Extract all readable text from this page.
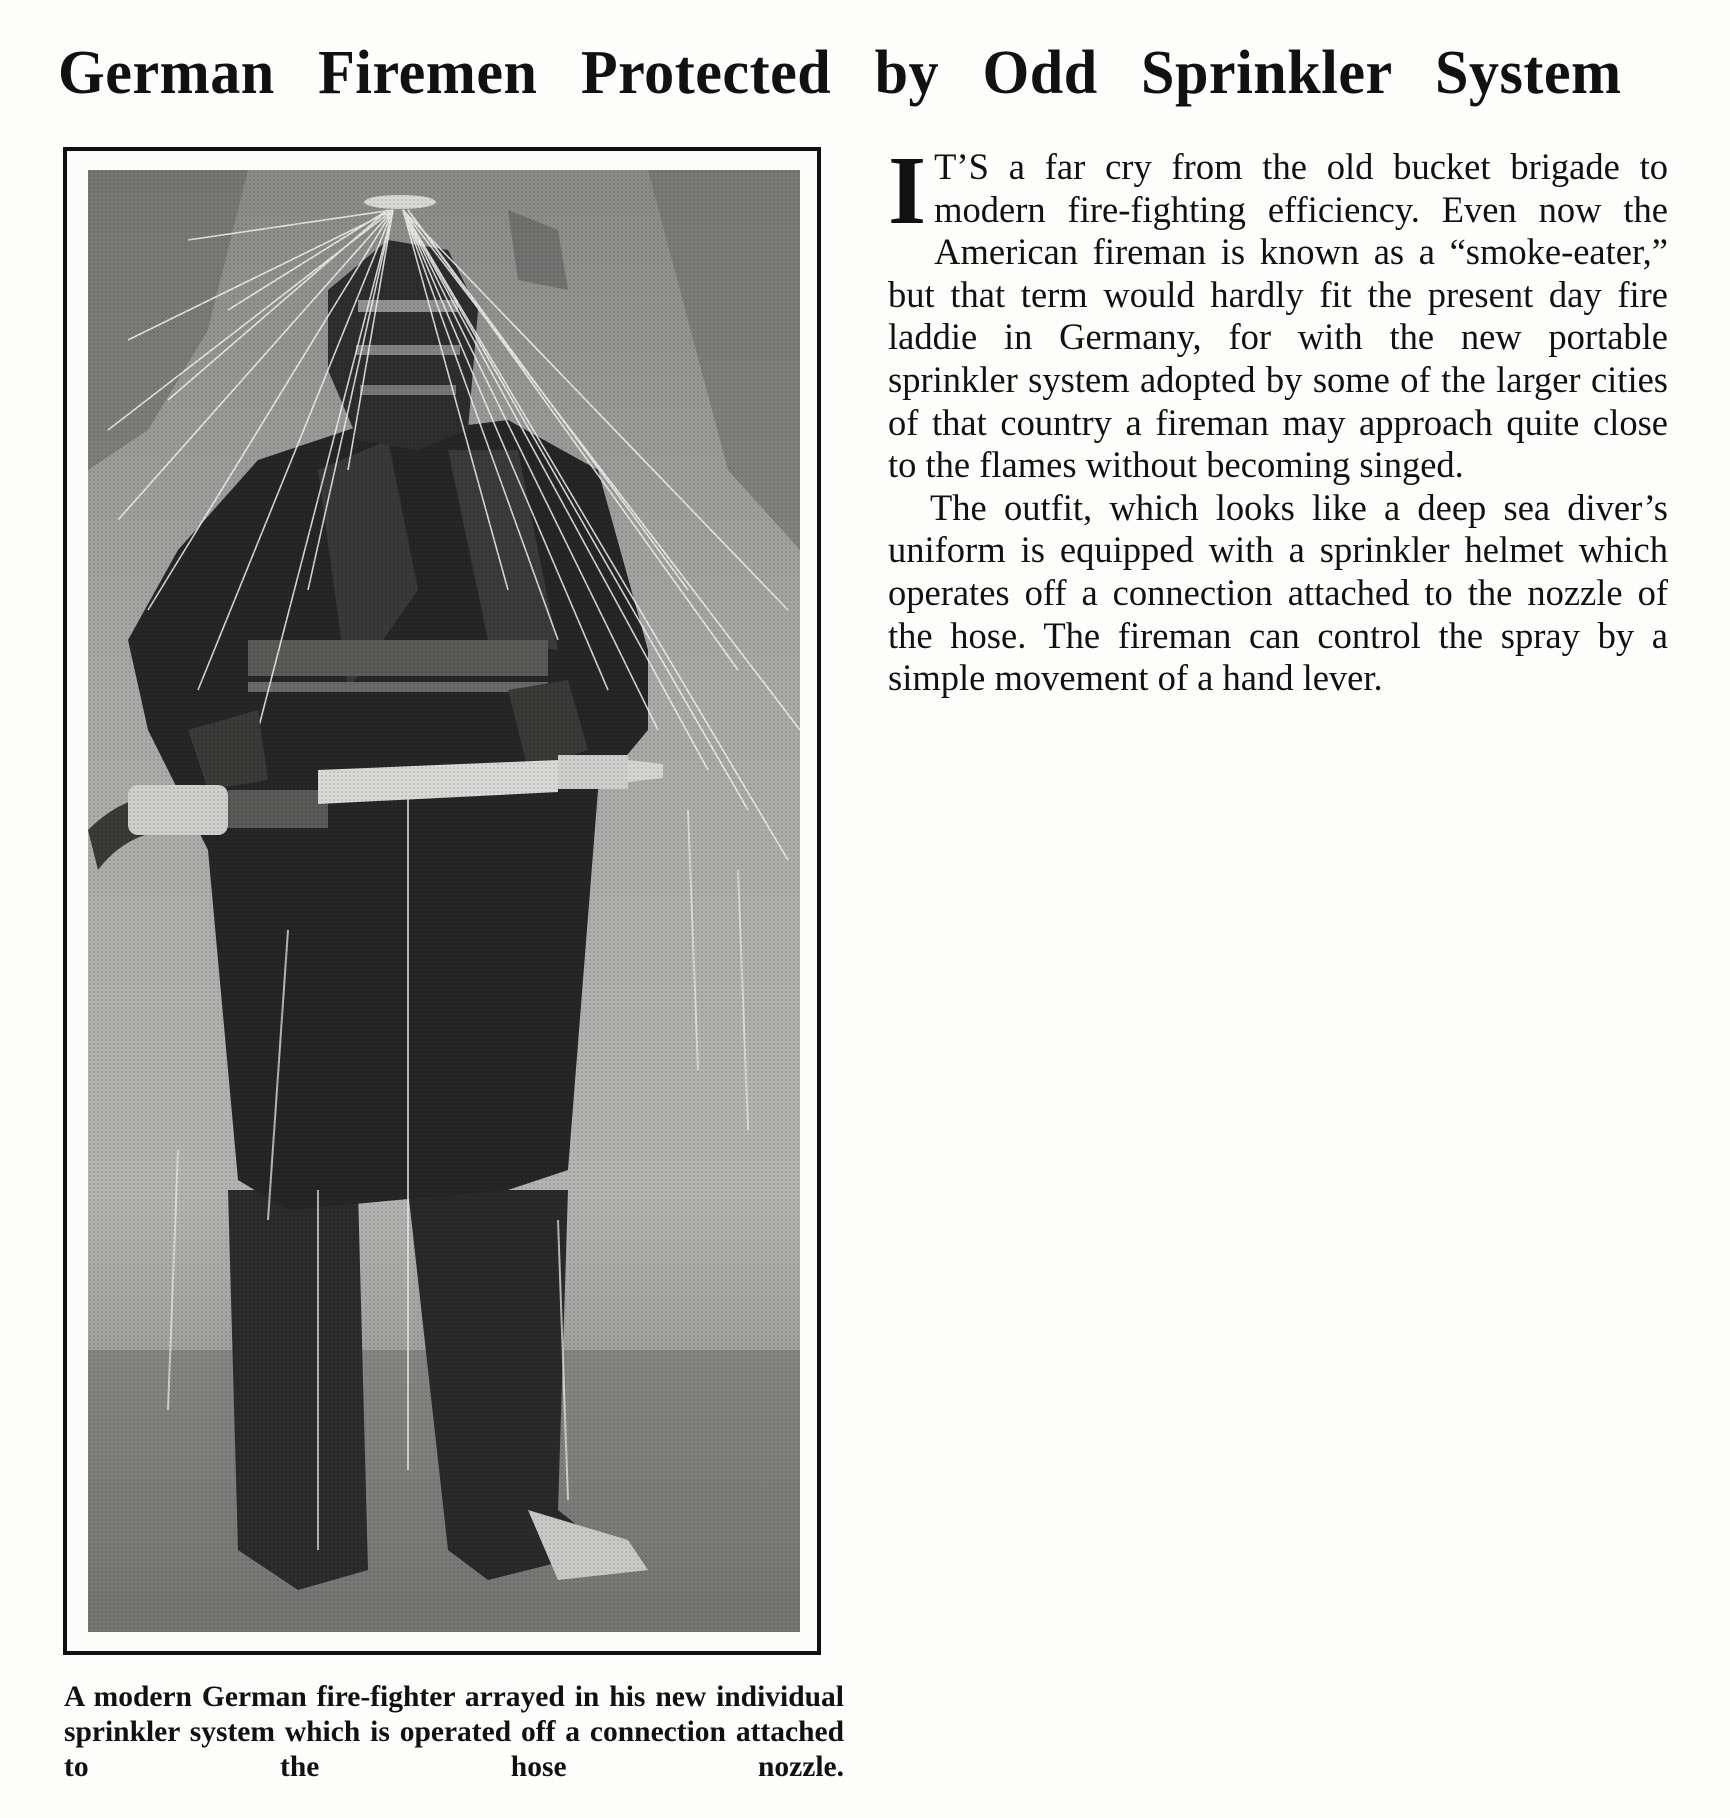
German Firemen Protected by Odd Sprinkler System

I T’S a far cry from the old bucket brigade to modern fire-fighting efficiency. Even now the American fireman is known as a “smoke-eater,” but that term would hardly fit the present day fire laddie in Germany, for with the new portable sprinkler system adopted by some of the larger cities of that country a fireman may approach quite close to the flames without becoming singed.

The outfit, which looks like a deep sea diver’s uniform is equipped with a sprinkler helmet which operates off a connection attached to the nozzle of the hose. The fireman can control the spray by a simple movement of a hand lever.

A modern German fire-fighter arrayed in his new individual sprinkler system which is operated off a connection attached to the hose nozzle.
